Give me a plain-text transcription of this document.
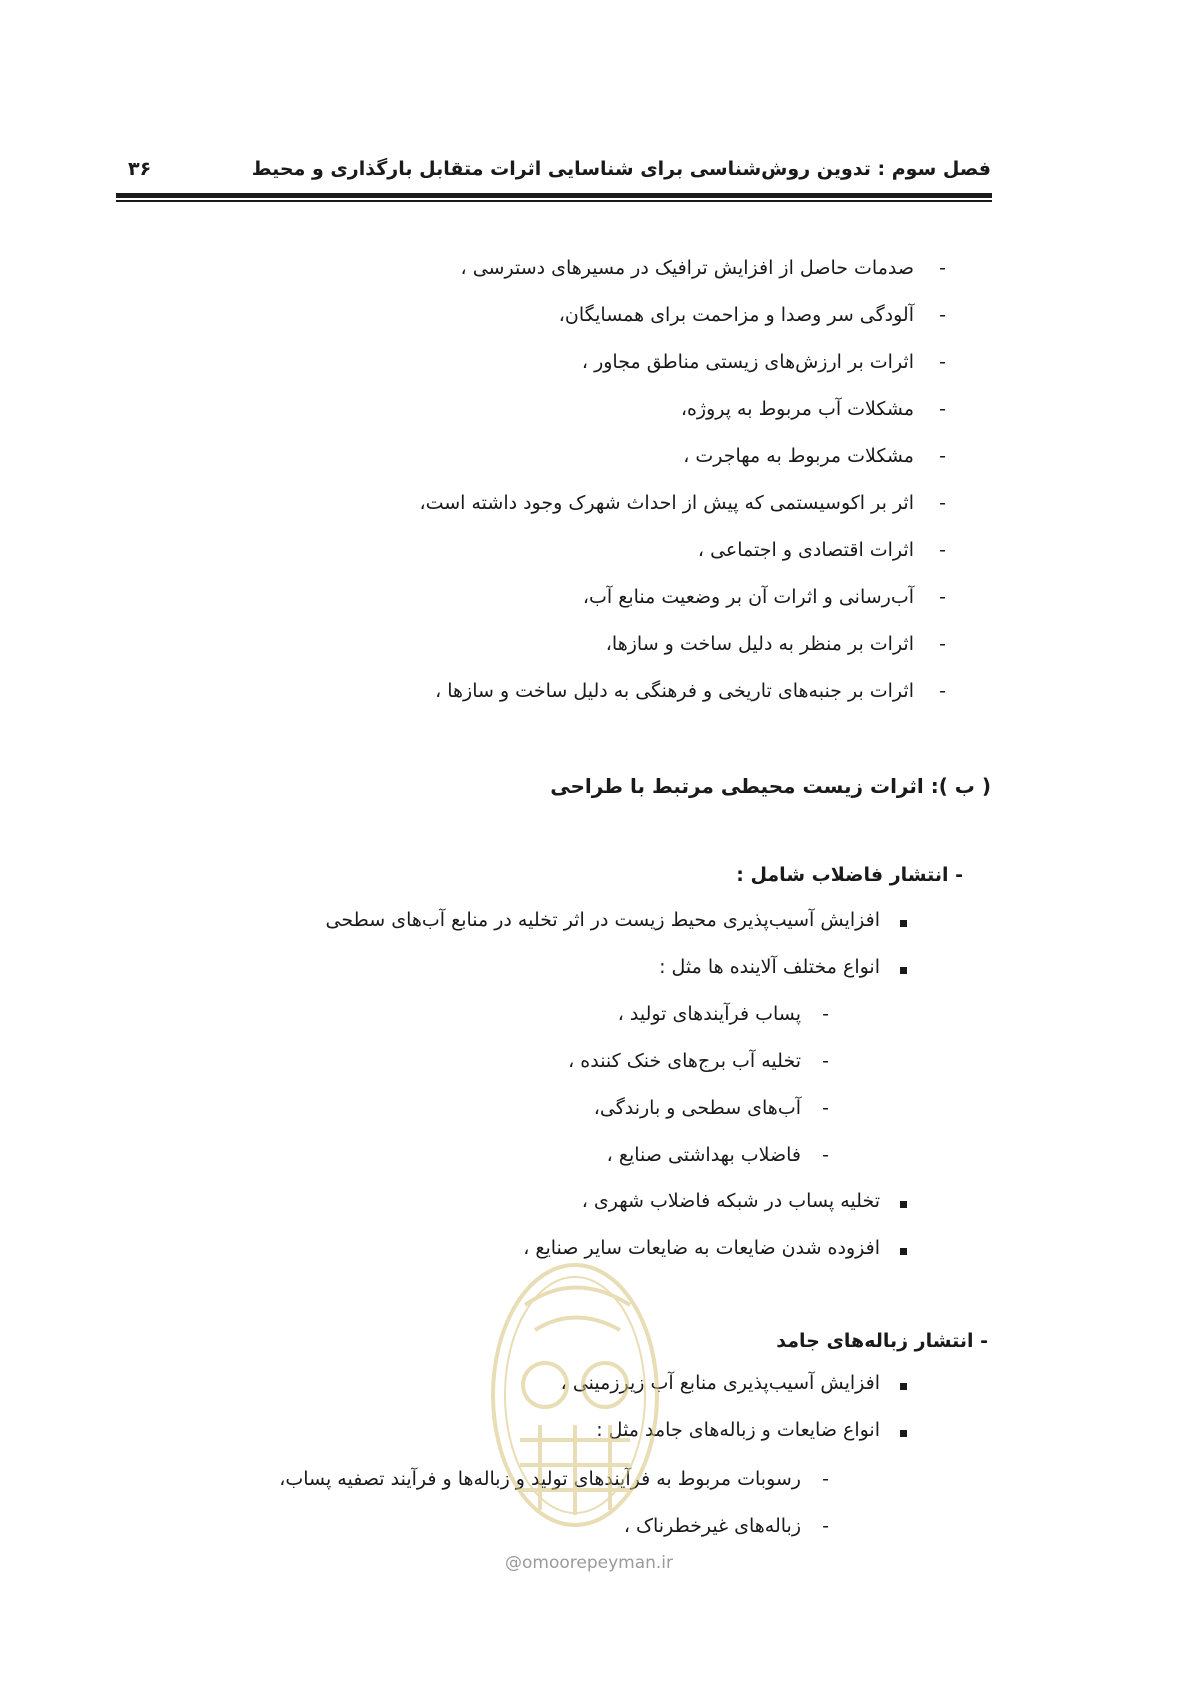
فصل سوم : تدوین روش‌شناسی برای شناسایی اثرات متقابل بارگذاری و محیط
۳۶
-
صدمات حاصل از افزایش ترافیک در مسیرهای دسترسی ،
-
آلودگی سر وصدا و مزاحمت برای همسایگان،
-
اثرات بر ارزش‌های زیستی مناطق مجاور ،
-
مشکلات آب مربوط به پروژه،
-
مشکلات مربوط به مهاجرت ،
-
اثر بر اکوسیستمی که پیش از احداث شهرک وجود داشته است،
-
اثرات اقتصادی و اجتماعی ،
-
آب‌رسانی و اثرات آن بر وضعیت منابع آب،
-
اثرات بر منظر به دلیل ساخت و سازها،
-
اثرات بر جنبه‌های تاریخی و فرهنگی به دلیل ساخت و سازها ،
( ب ): اثرات زیست محیطی مرتبط با طراحی
- انتشار فاضلاب شامل :
افزایش آسیب‌پذیری محیط زیست در اثر تخلیه در منابع آب‌های سطحی
انواع مختلف آلاینده ها مثل :
-
پساب فرآیندهای تولید ،
-
تخلیه آب برج‌های خنک کننده ،
-
آب‌های سطحی و بارندگی،
-
فاضلاب بهداشتی صنایع ،
تخلیه پساب در شبکه فاضلاب شهری ،
افزوده شدن ضایعات به ضایعات سایر صنایع ،
- انتشار زباله‌های جامد
افزایش آسیب‌پذیری منابع آب زیرزمینی ،
انواع ضایعات و زباله‌های جامد مثل :
-
رسوبات مربوط به فرآیندهای تولید و زباله‌ها و فرآیند تصفیه پساب،
-
زباله‌های غیرخطرناک ،
@omoorepeyman.ir
